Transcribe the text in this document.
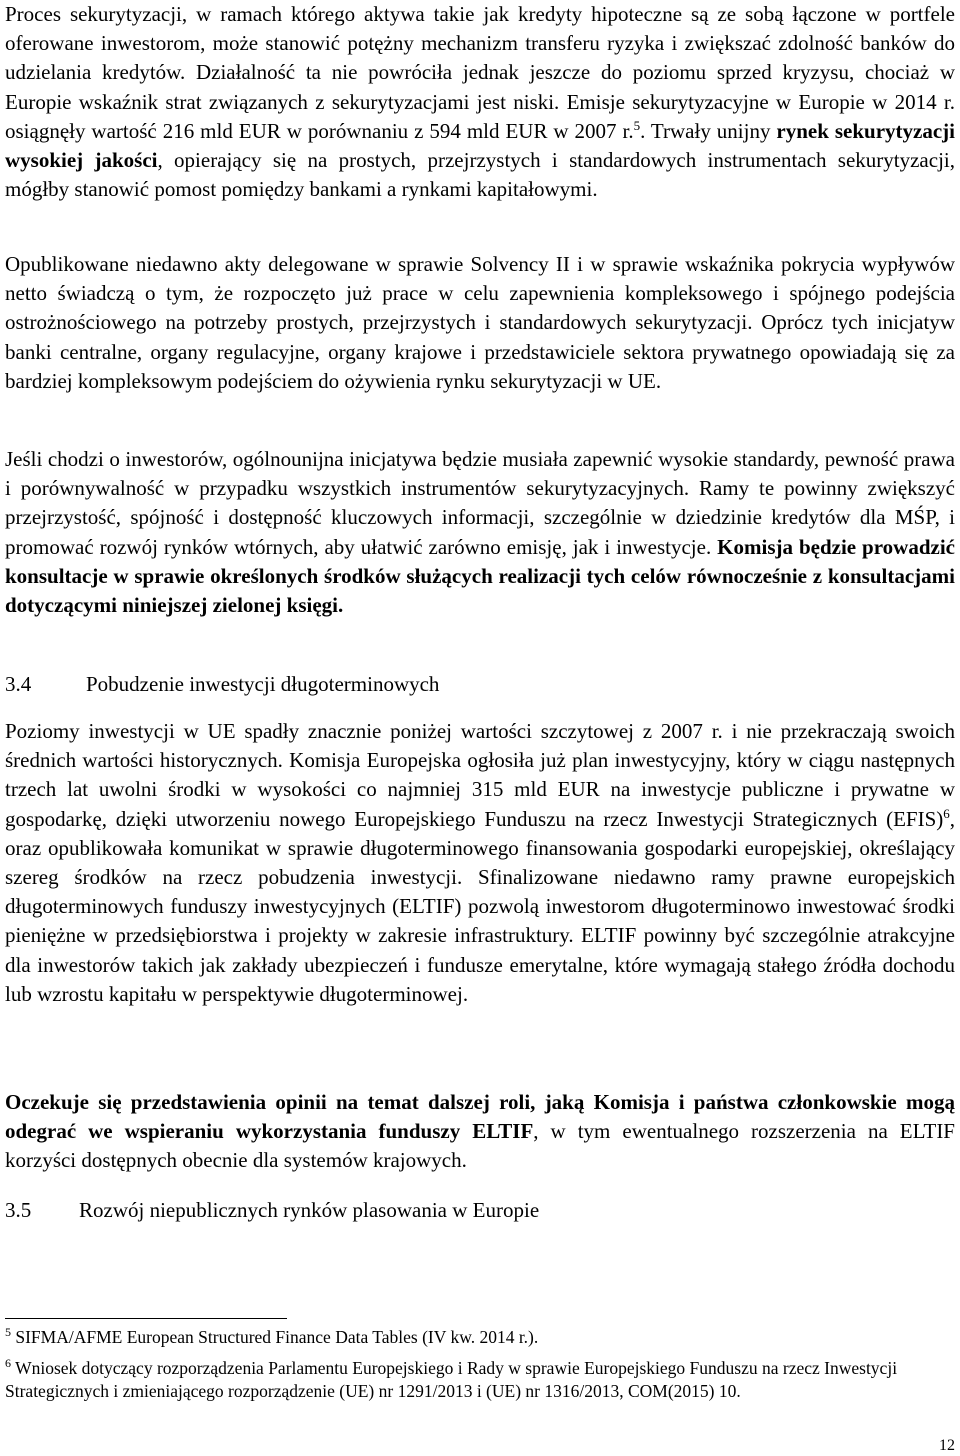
Proces sekurytyzacji, w ramach którego aktywa takie jak kredyty hipoteczne są ze sobą łączone w portfele oferowane inwestorom, może stanowić potężny mechanizm transferu ryzyka i zwiększać zdolność banków do udzielania kredytów. Działalność ta nie powróciła jednak jeszcze do poziomu sprzed kryzysu, chociaż w Europie wskaźnik strat związanych z sekurytyzacjami jest niski. Emisje sekurytyzacyjne w Europie w 2014 r. osiągnęły wartość 216 mld EUR w porównaniu z 594 mld EUR w 2007 r.$^5$. Trwały unijny rynek sekurytyzacji wysokiej jakości, opierający się na prostych, przejrzystych i standardowych instrumentach sekurytyzacji, mógłby stanowić pomost pomiędzy bankami a rynkami kapitałowymi.

Opublikowane niedawno akty delegowane w sprawie Solvency II i w sprawie wskaźnika pokrycia wypływów netto świadczą o tym, że rozpoczęto już prace w celu zapewnienia kompleksowego i spójnego podejścia ostrożnościowego na potrzeby prostych, przejrzystych i standardowych sekurytyzacji. Oprócz tych inicjatyw banki centralne, organy regulacyjne, organy krajowe i przedstawiciele sektora prywatnego opowiadają się za bardziej kompleksowym podejściem do ożywienia rynku sekurytyzacji w UE.

Jeśli chodzi o inwestorów, ogólnounijna inicjatywa będzie musiała zapewnić wysokie standardy, pewność prawa i porównywalność w przypadku wszystkich instrumentów sekurytyzacyjnych. Ramy te powinny zwiększyć przejrzystość, spójność i dostępność kluczowych informacji, szczególnie w dziedzinie kredytów dla MŚP, i promować rozwój rynków wtórnych, aby ułatwić zarówno emisję, jak i inwestycje. Komisja będzie prowadzić konsultacje w sprawie określonych środków służących realizacji tych celów równocześnie z konsultacjami dotyczącymi niniejszej zielonej księgi.

3.4	Pobudzenie inwestycji długoterminowych

Poziomy inwestycji w UE spadły znacznie poniżej wartości szczytowej z 2007 r. i nie przekraczają swoich średnich wartości historycznych. Komisja Europejska ogłosiła już plan inwestycyjny, który w ciągu następnych trzech lat uwolni środki w wysokości co najmniej 315 mld EUR na inwestycje publiczne i prywatne w gospodarkę, dzięki utworzeniu nowego Europejskiego Funduszu na rzecz Inwestycji Strategicznych (EFIS)$^6$, oraz opublikowała komunikat w sprawie długoterminowego finansowania gospodarki europejskiej, określający szereg środków na rzecz pobudzenia inwestycji. Sfinalizowane niedawno ramy prawne europejskich długoterminowych funduszy inwestycyjnych (ELTIF) pozwolą inwestorom długoterminowo inwestować środki pieniężne w przedsiębiorstwa i projekty w zakresie infrastruktury. ELTIF powinny być szczególnie atrakcyjne dla inwestorów takich jak zakłady ubezpieczeń i fundusze emerytalne, które wymagają stałego źródła dochodu lub wzrostu kapitału w perspektywie długoterminowej.

Oczekuje się przedstawienia opinii na temat dalszej roli, jaką Komisja i państwa członkowskie mogą odegrać we wspieraniu wykorzystania funduszy ELTIF, w tym ewentualnego rozszerzenia na ELTIF korzyści dostępnych obecnie dla systemów krajowych.

3.5 Rozwój niepublicznych rynków plasowania w Europie

$^5$ SIFMA/AFME European Structured Finance Data Tables (IV kw. 2014 r.).

$^6$ Wniosek dotyczący rozporządzenia Parlamentu Europejskiego i Rady w sprawie Europejskiego Funduszu na rzecz Inwestycji Strategicznych i zmieniającego rozporządzenie (UE) nr 1291/2013 i (UE) nr 1316/2013, COM(2015) 10.

12
